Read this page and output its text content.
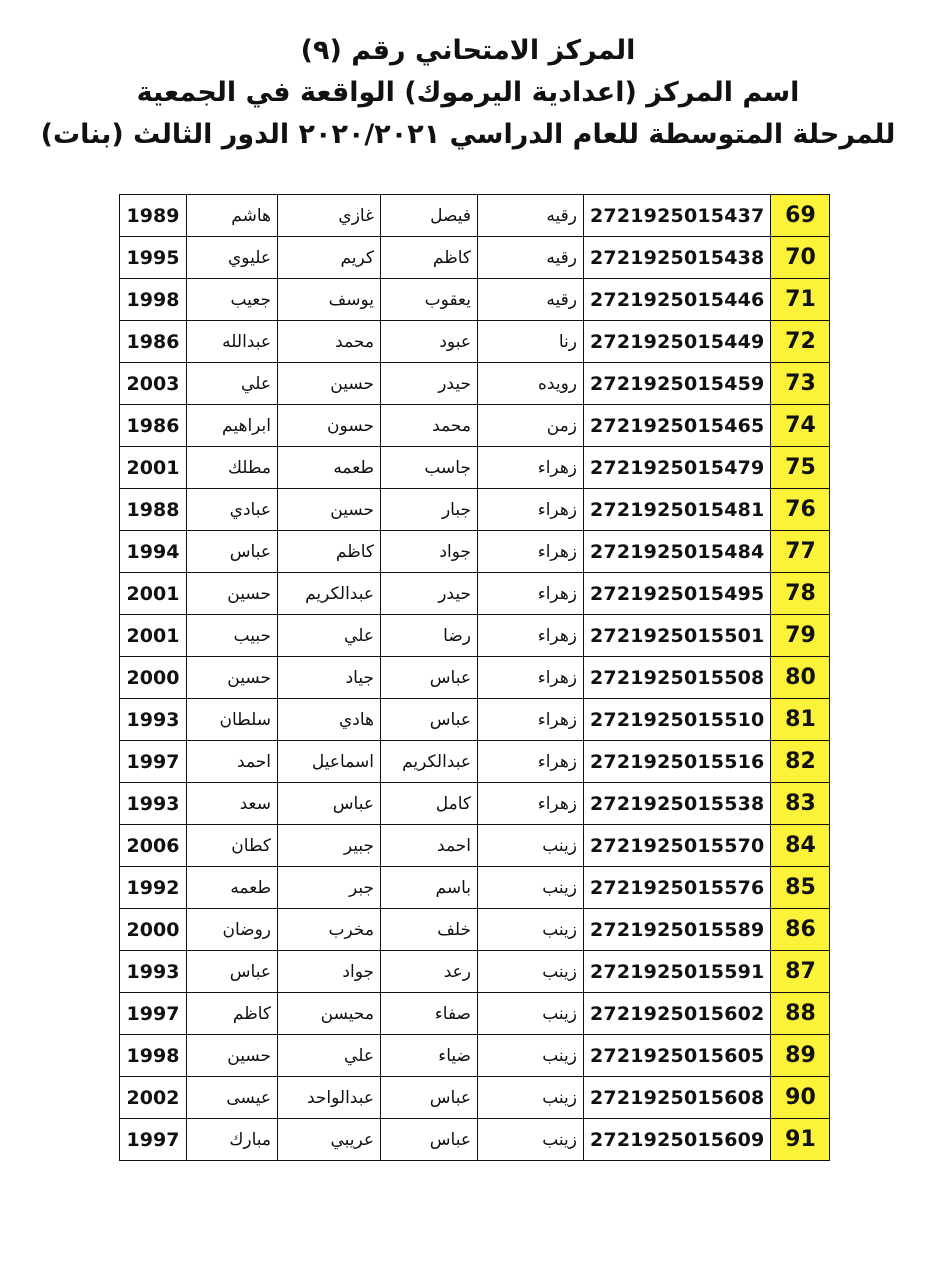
المركز الامتحاني رقم (٩)
اسم المركز (اعدادية اليرموك) الواقعة في الجمعية
للمرحلة المتوسطة للعام الدراسي ٢٠٢٠/٢٠٢١ الدور الثالث (بنات)
1989	هاشم	غازي	فيصل	رقيه	2721925015437	69
1995	عليوي	كريم	كاظم	رقيه	2721925015438	70
1998	جعيب	يوسف	يعقوب	رقيه	2721925015446	71
1986	عبدالله	محمد	عبود	رنا	2721925015449	72
2003	علي	حسين	حيدر	رويده	2721925015459	73
1986	ابراهيم	حسون	محمد	زمن	2721925015465	74
2001	مطلك	طعمه	جاسب	زهراء	2721925015479	75
1988	عبادي	حسين	جبار	زهراء	2721925015481	76
1994	عباس	كاظم	جواد	زهراء	2721925015484	77
2001	حسين	عبدالكريم	حيدر	زهراء	2721925015495	78
2001	حبيب	علي	رضا	زهراء	2721925015501	79
2000	حسين	جياد	عباس	زهراء	2721925015508	80
1993	سلطان	هادي	عباس	زهراء	2721925015510	81
1997	احمد	اسماعيل	عبدالكريم	زهراء	2721925015516	82
1993	سعد	عباس	كامل	زهراء	2721925015538	83
2006	كطان	جبير	احمد	زينب	2721925015570	84
1992	طعمه	جبر	باسم	زينب	2721925015576	85
2000	روضان	مخرب	خلف	زينب	2721925015589	86
1993	عباس	جواد	رعد	زينب	2721925015591	87
1997	كاظم	محيسن	صفاء	زينب	2721925015602	88
1998	حسين	علي	ضياء	زينب	2721925015605	89
2002	عيسى	عبدالواحد	عباس	زينب	2721925015608	90
1997	مبارك	عريبي	عباس	زينب	2721925015609	91
